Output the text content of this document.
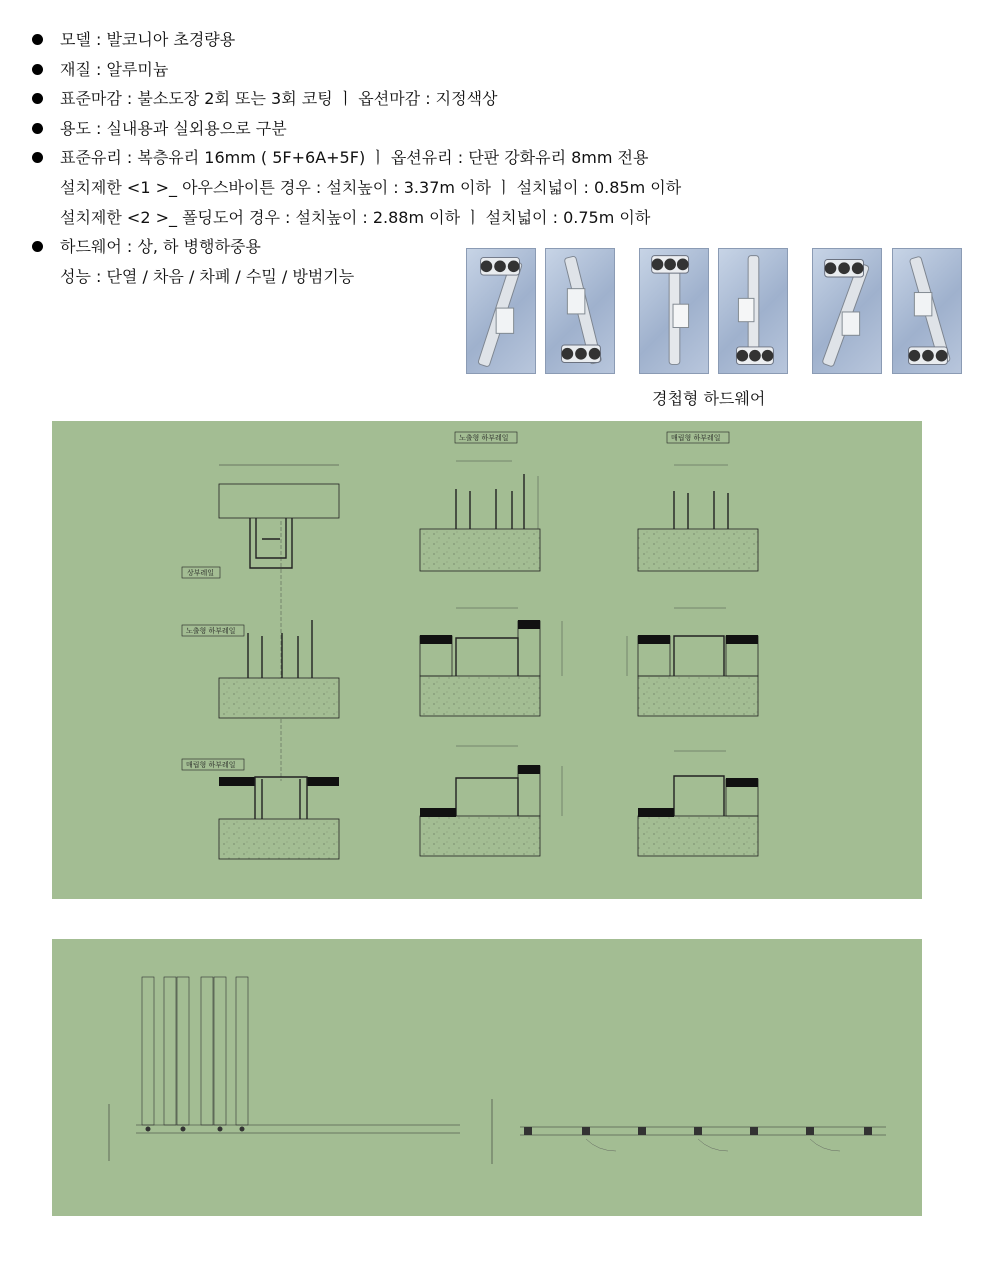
모델 : 발코니아 초경량용
재질 : 알루미늄
표준마감 : 불소도장 2회 또는 3회 코팅 ㅣ 옵션마감 : 지정색상
용도 : 실내용과 실외용으로 구분
표준유리 : 복층유리 16mm ( 5F+6A+5F) ㅣ 옵션유리 : 단판 강화유리 8mm 전용
설치제한 <1 >_ 아우스바이튼 경우 : 설치높이 : 3.37m 이하 ㅣ 설치넓이 : 0.85m 이하
설치제한 <2 >_ 폴딩도어 경우 : 설치높이 : 2.88m 이하 ㅣ 설치넓이 : 0.75m 이하
하드웨어 : 상, 하 병행하중용
성능 : 단열 / 차음 / 차폐 / 수밀 / 방범기능
경첩형 하드웨어
상부레일
노출형 하부레일
매립형 하부레일
노출형 하부레일	매립형 하부레일
